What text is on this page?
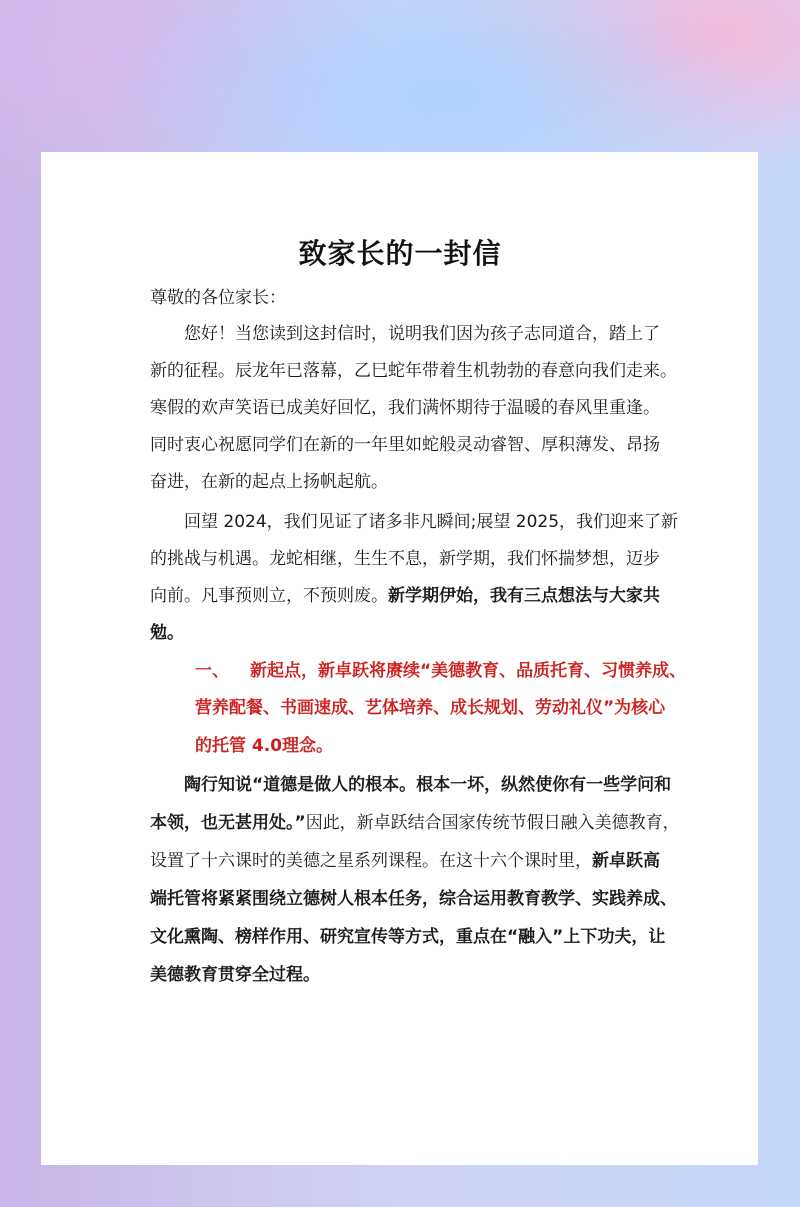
致家长的一封信
尊敬的各位家长：
您好！当您读到这封信时，说明我们因为孩子志同道合，踏上了
新的征程。辰龙年已落幕，乙巳蛇年带着生机勃勃的春意向我们走来。
寒假的欢声笑语已成美好回忆，我们满怀期待于温暖的春风里重逢。
同时衷心祝愿同学们在新的一年里如蛇般灵动睿智、厚积薄发、昂扬
奋进，在新的起点上扬帆起航。
回望 2024，我们见证了诸多非凡瞬间;展望 2025，我们迎来了新
的挑战与机遇。龙蛇相继，生生不息，新学期，我们怀揣梦想，迈步
向前。凡事预则立，不预则废。新学期伊始，我有三点想法与大家共
勉。
一、 新起点，新卓跃将赓续“美德教育、品质托育、习惯养成、
营养配餐、书画速成、艺体培养、成长规划、劳动礼仪”为核心
的托管 4.0理念。
陶行知说“道德是做人的根本。根本一坏，纵然使你有一些学问和
本领，也无甚用处。”因此，新卓跃结合国家传统节假日融入美德教育，
设置了十六课时的美德之星系列课程。在这十六个课时里，新卓跃高
端托管将紧紧围绕立德树人根本任务，综合运用教育教学、实践养成、
文化熏陶、榜样作用、研究宣传等方式，重点在“融入”上下功夫，让
美德教育贯穿全过程。
